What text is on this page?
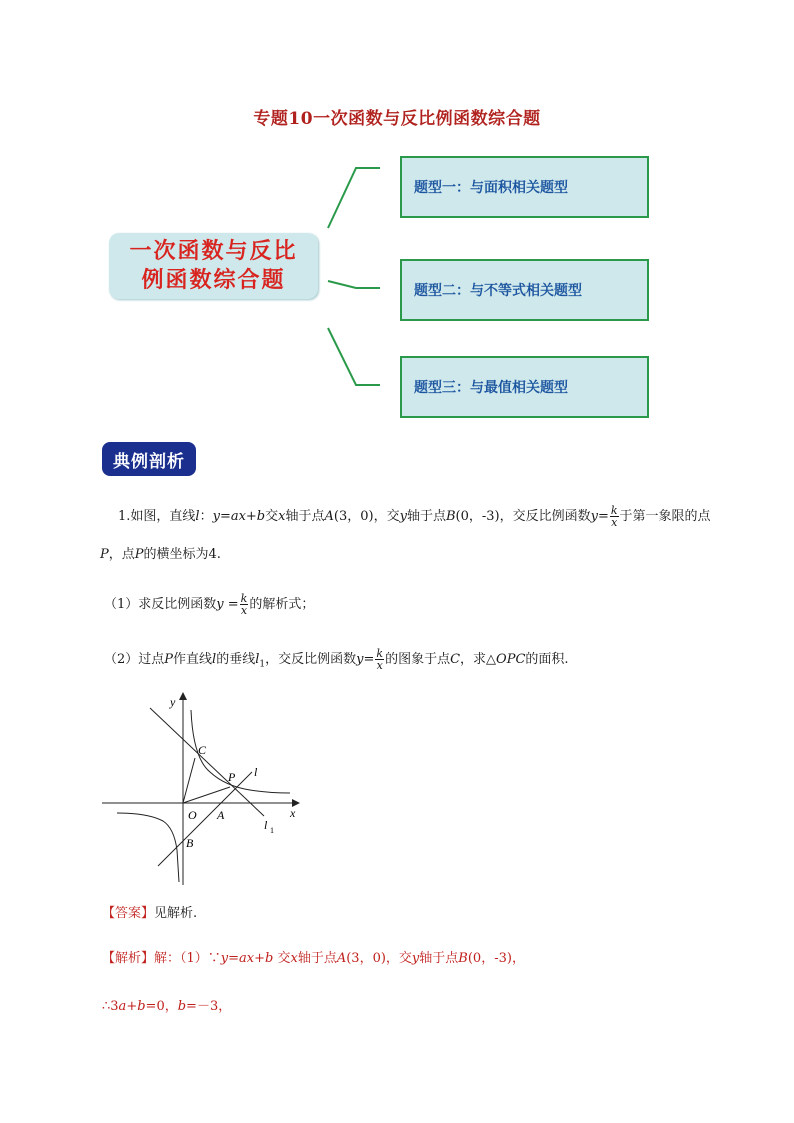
专题10一次函数与反比例函数综合题
一次函数与反比
例函数综合题
题型一：与面积相关题型
题型二：与不等式相关题型
题型三：与最值相关题型
典例剖析
1.如图，直线l：y=ax+b交x轴于点A(3，0)，交y轴于点B(0，-3)，交反比例函数$y= \frac{k}{x}$ 于第一象限的点
P，点P的横坐标为4.
（1）求反比例函数$y = \frac{k}{x}$ 的解析式；
（2）过点P作直线l的垂线$l_1$，交反比例函数$y= \frac{k}{x}$ 的图象于点C，求△OPC的面积.
y
x
C
P l
O A
l 1
B
【答案】见解析.
【解析】解：（1）∵y=ax+b 交x轴于点A(3，0)，交y轴于点B(0，-3)，
∴3a+b=0，b=－3，
